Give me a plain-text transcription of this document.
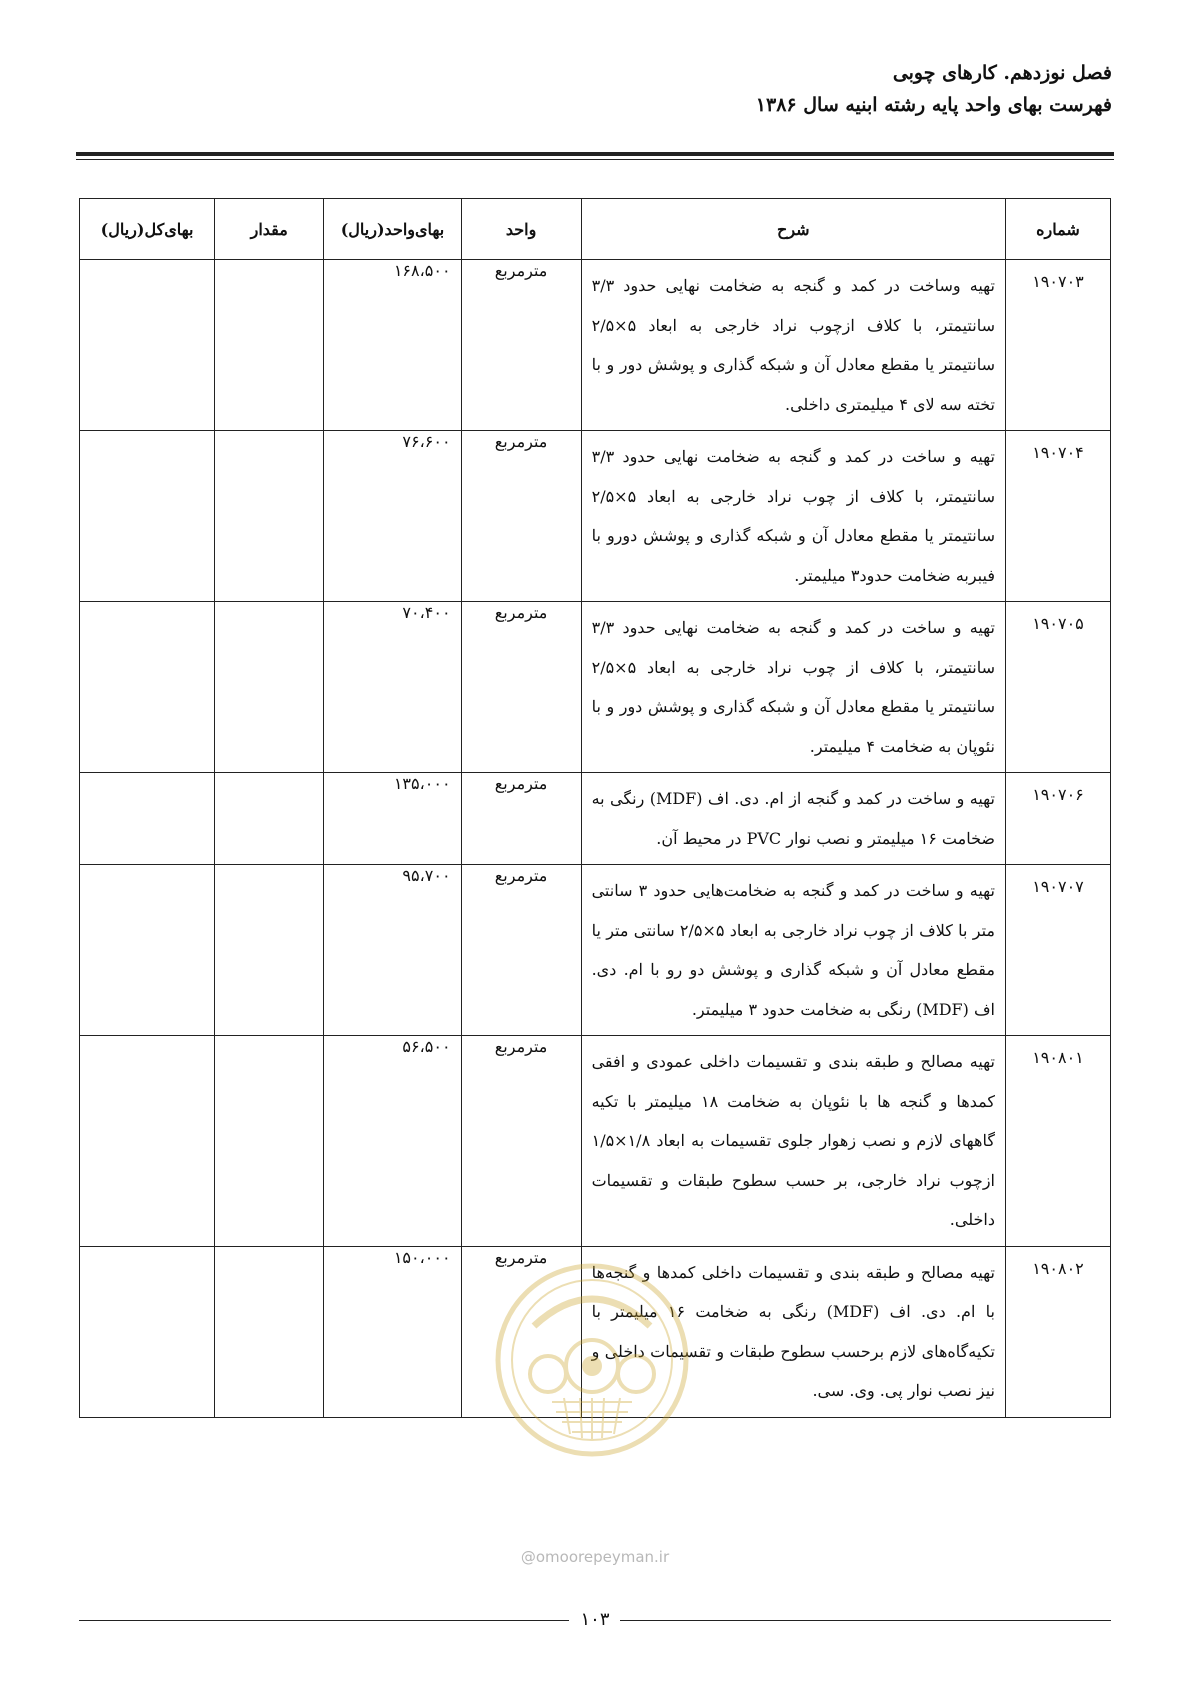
فصل نوزدهم. کارهای چوبی
فهرست بهای واحد پایه رشته ابنیه سال ۱۳۸۶
شماره	شرح	واحد	بهای‌واحد(ریال)	مقدار	بهای‌کل(ریال)
۱۹۰۷۰۳	تهیه وساخت در کمد و گنجه به ضخامت نهایی حدود ۳/۳ سانتیمتر، با کلاف ازچوب نراد خارجی به ابعاد ۵×۲/۵ سانتیمتر یا مقطع معادل آن و شبکه گذاری و پوشش دور و با تخته سه لای ۴ میلیمتری داخلی.	مترمربع	۱۶۸،۵۰۰		
۱۹۰۷۰۴	تهیه و ساخت در کمد و گنجه به ضخامت نهایی حدود ۳/۳ سانتیمتر، با کلاف از چوب نراد خارجی به ابعاد ۵×۲/۵ سانتیمتر یا مقطع معادل آن و شبکه گذاری و پوشش دورو با فیبربه ضخامت حدود۳ میلیمتر.	مترمربع	۷۶،۶۰۰		
۱۹۰۷۰۵	تهیه و ساخت در کمد و گنجه به ضخامت نهایی حدود ۳/۳ سانتیمتر، با کلاف از چوب نراد خارجی به ابعاد ۵×۲/۵ سانتیمتر یا مقطع معادل آن و شبکه گذاری و پوشش دور و با نئوپان به ضخامت ۴ میلیمتر.	مترمربع	۷۰،۴۰۰		
۱۹۰۷۰۶	تهیه و ساخت در کمد و گنجه از ام. دی. اف (MDF) رنگی به ضخامت ۱۶ میلیمتر و نصب نوار PVC در محیط آن.	مترمربع	۱۳۵،۰۰۰		
۱۹۰۷۰۷	تهیه و ساخت در کمد و گنجه به ضخامت‌هایی حدود ۳ سانتی متر با کلاف از چوب نراد خارجی به ابعاد ۵×۲/۵ سانتی متر یا مقطع معادل آن و شبکه گذاری و پوشش دو رو با ام. دی. اف (MDF) رنگی به ضخامت حدود ۳ میلیمتر.	مترمربع	۹۵،۷۰۰		
۱۹۰۸۰۱	تهیه مصالح و طبقه بندی و تقسیمات داخلی عمودی و افقی کمدها و گنجه ها با نئوپان به ضخامت ۱۸ میلیمتر با تکیه گاههای لازم و نصب زهوار جلوی تقسیمات به ابعاد ۱/۸×۱/۵ ازچوب نراد خارجی، بر حسب سطوح طبقات و تقسیمات داخلی.	مترمربع	۵۶،۵۰۰		
۱۹۰۸۰۲	تهیه مصالح و طبقه بندی و تقسیمات داخلی کمدها و گنجه‌ها با ام. دی. اف (MDF) رنگی به ضخامت ۱۶ میلیمتر با تکیه‌گاه‌های لازم برحسب سطوح طبقات و تقسیمات داخلی و نیز نصب نوار پی. وی. سی.	مترمربع	۱۵۰،۰۰۰		
@omoorepeyman.ir
۱۰۳
